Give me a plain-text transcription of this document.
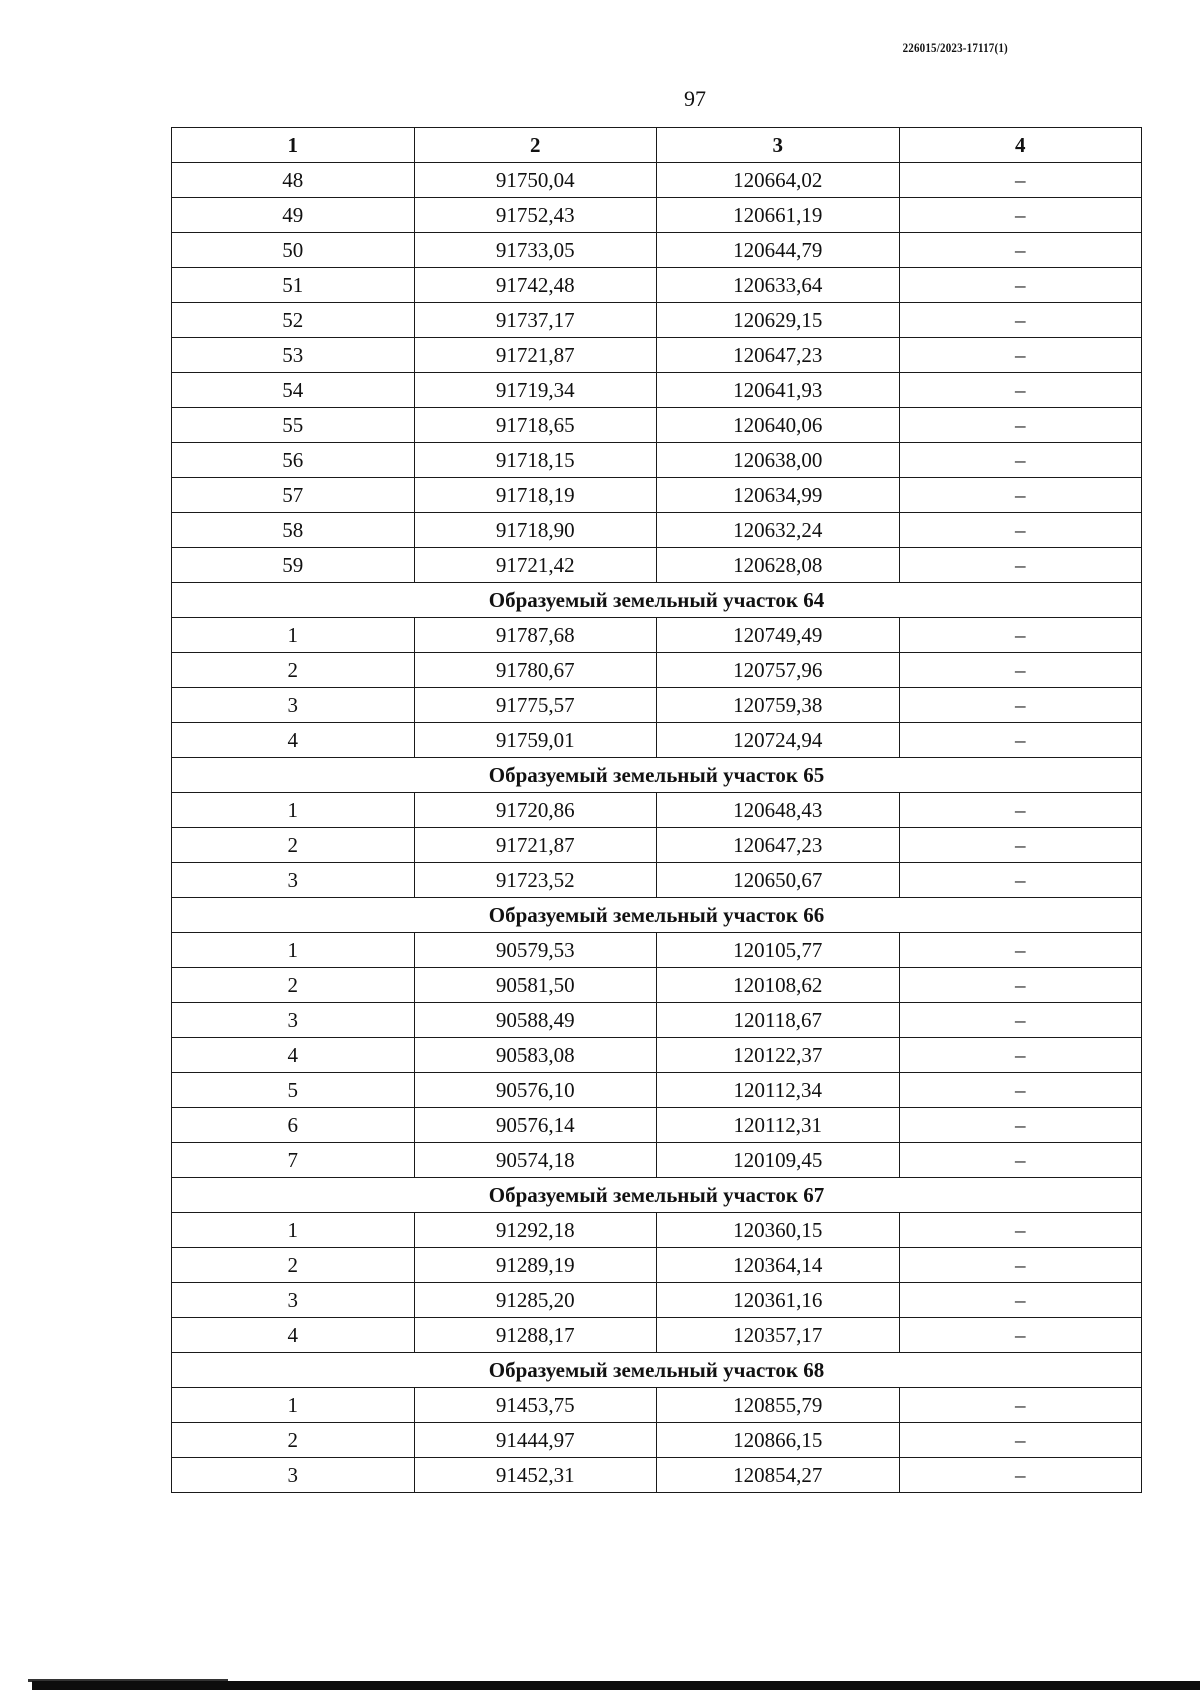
226015/2023-17117(1)
97
1	2	3	4
48	91750,04	120664,02	–
49	91752,43	120661,19	–
50	91733,05	120644,79	–
51	91742,48	120633,64	–
52	91737,17	120629,15	–
53	91721,87	120647,23	–
54	91719,34	120641,93	–
55	91718,65	120640,06	–
56	91718,15	120638,00	–
57	91718,19	120634,99	–
58	91718,90	120632,24	–
59	91721,42	120628,08	–
Образуемый земельный участок 64			
1	91787,68	120749,49	–
2	91780,67	120757,96	–
3	91775,57	120759,38	–
4	91759,01	120724,94	–
Образуемый земельный участок 65			
1	91720,86	120648,43	–
2	91721,87	120647,23	–
3	91723,52	120650,67	–
Образуемый земельный участок 66			
1	90579,53	120105,77	–
2	90581,50	120108,62	–
3	90588,49	120118,67	–
4	90583,08	120122,37	–
5	90576,10	120112,34	–
6	90576,14	120112,31	–
7	90574,18	120109,45	–
Образуемый земельный участок 67			
1	91292,18	120360,15	–
2	91289,19	120364,14	–
3	91285,20	120361,16	–
4	91288,17	120357,17	–
Образуемый земельный участок 68			
1	91453,75	120855,79	–
2	91444,97	120866,15	–
3	91452,31	120854,27	–
